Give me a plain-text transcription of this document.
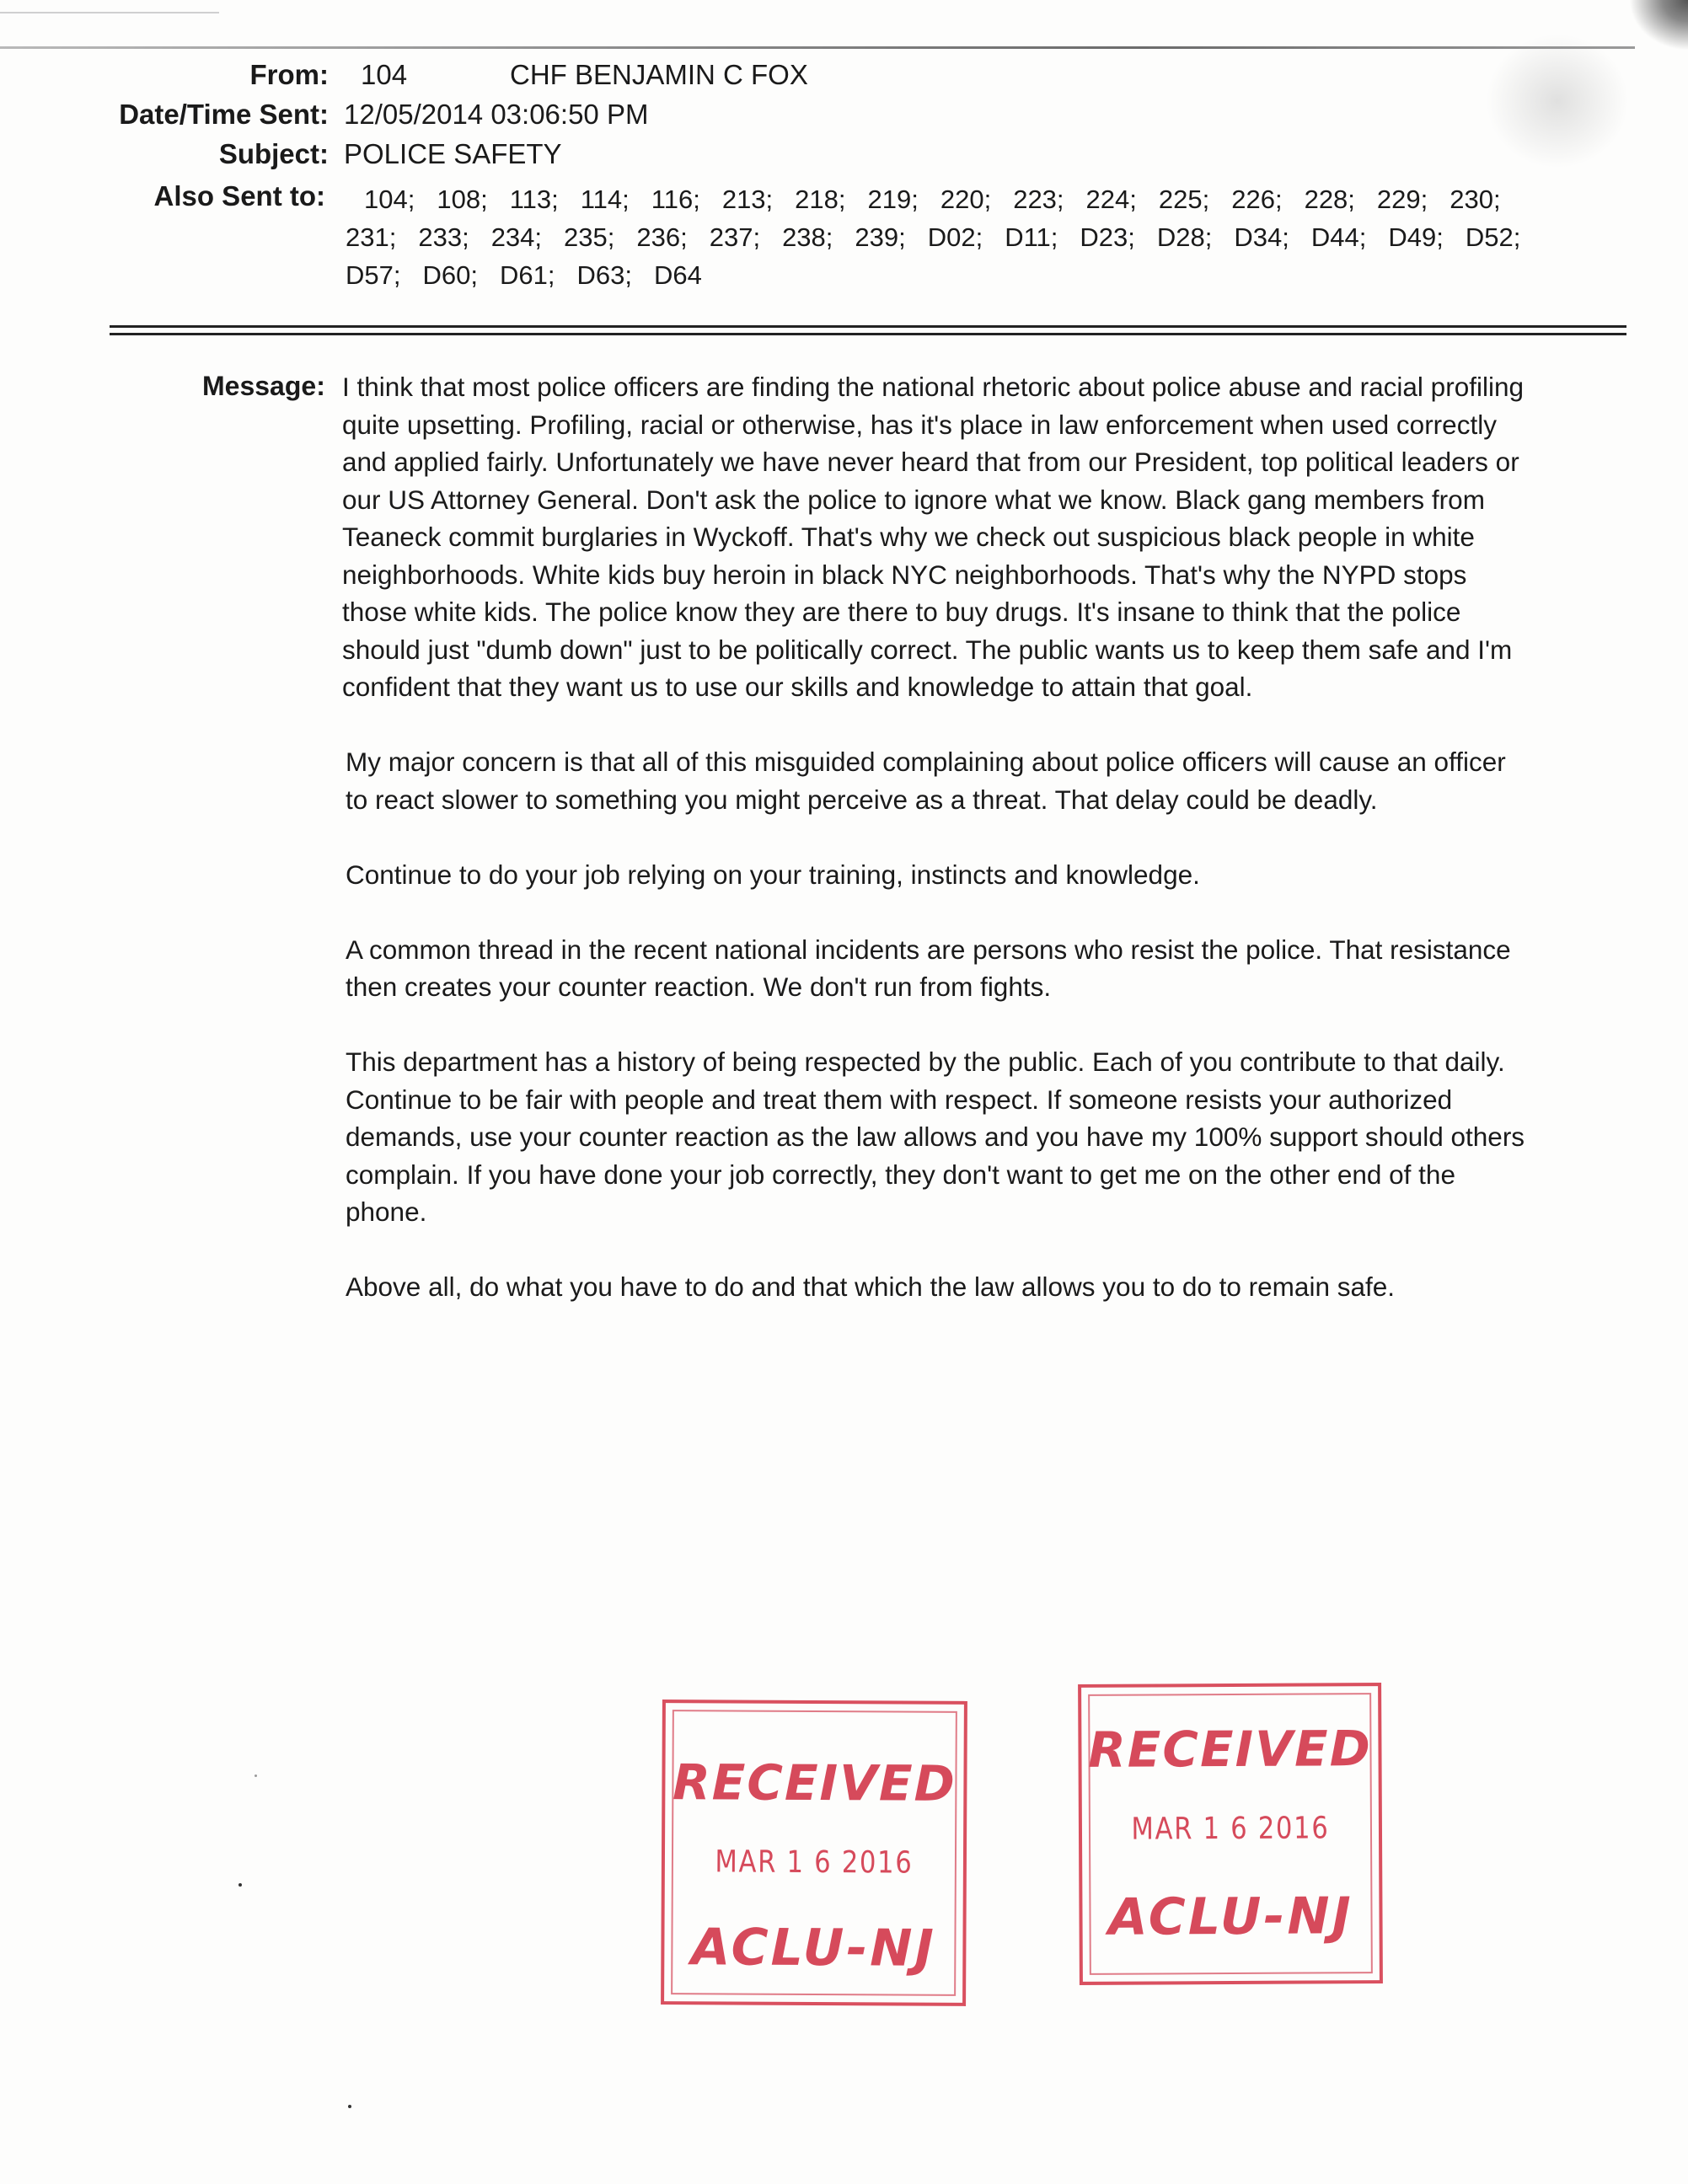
From: 104	CHF BENJAMIN C FOX
Date/Time Sent: 12/05/2014 03:06:50 PM
Subject: POLICE SAFETY
Also Sent to:	104; 108; 113; 114; 116; 213; 218; 219; 220; 223; 224; 225; 226; 228; 229; 230;
231; 233; 234; 235; 236; 237; 238; 239; D02; D11; D23; D28; D34; D44; D49; D52;
D57; D60; D61; D63; D64
Message: I think that most police officers are finding the national rhetoric about police abuse and racial profiling quite upsetting. Profiling, racial or otherwise, has it's place in law enforcement when used correctly and applied fairly. Unfortunately we have never heard that from our President, top political leaders or our US Attorney General. Don't ask the police to ignore what we know. Black gang members from Teaneck commit burglaries in Wyckoff. That's why we check out suspicious black people in white neighborhoods. White kids buy heroin in black NYC neighborhoods. That's why the NYPD stops those white kids. The police know they are there to buy drugs. It's insane to think that the police should just "dumb down" just to be politically correct. The public wants us to keep them safe and I'm confident that they want us to use our skills and knowledge to attain that goal.

My major concern is that all of this misguided complaining about police officers will cause an officer to react slower to something you might perceive as a threat. That delay could be deadly.

Continue to do your job relying on your training, instincts and knowledge.

A common thread in the recent national incidents are persons who resist the police. That resistance then creates your counter reaction. We don't run from fights.

This department has a history of being respected by the public. Each of you contribute to that daily. Continue to be fair with people and treat them with respect. If someone resists your authorized demands, use your counter reaction as the law allows and you have my 100% support should others complain. If you have done your job correctly, they don't want to get me on the other end of the phone.

Above all, do what you have to do and that which the law allows you to do to remain safe.

RECEIVED
MAR 1 6 2016
ACLU-NJ
RECEIVED
MAR 1 6 2016
ACLU-NJ
